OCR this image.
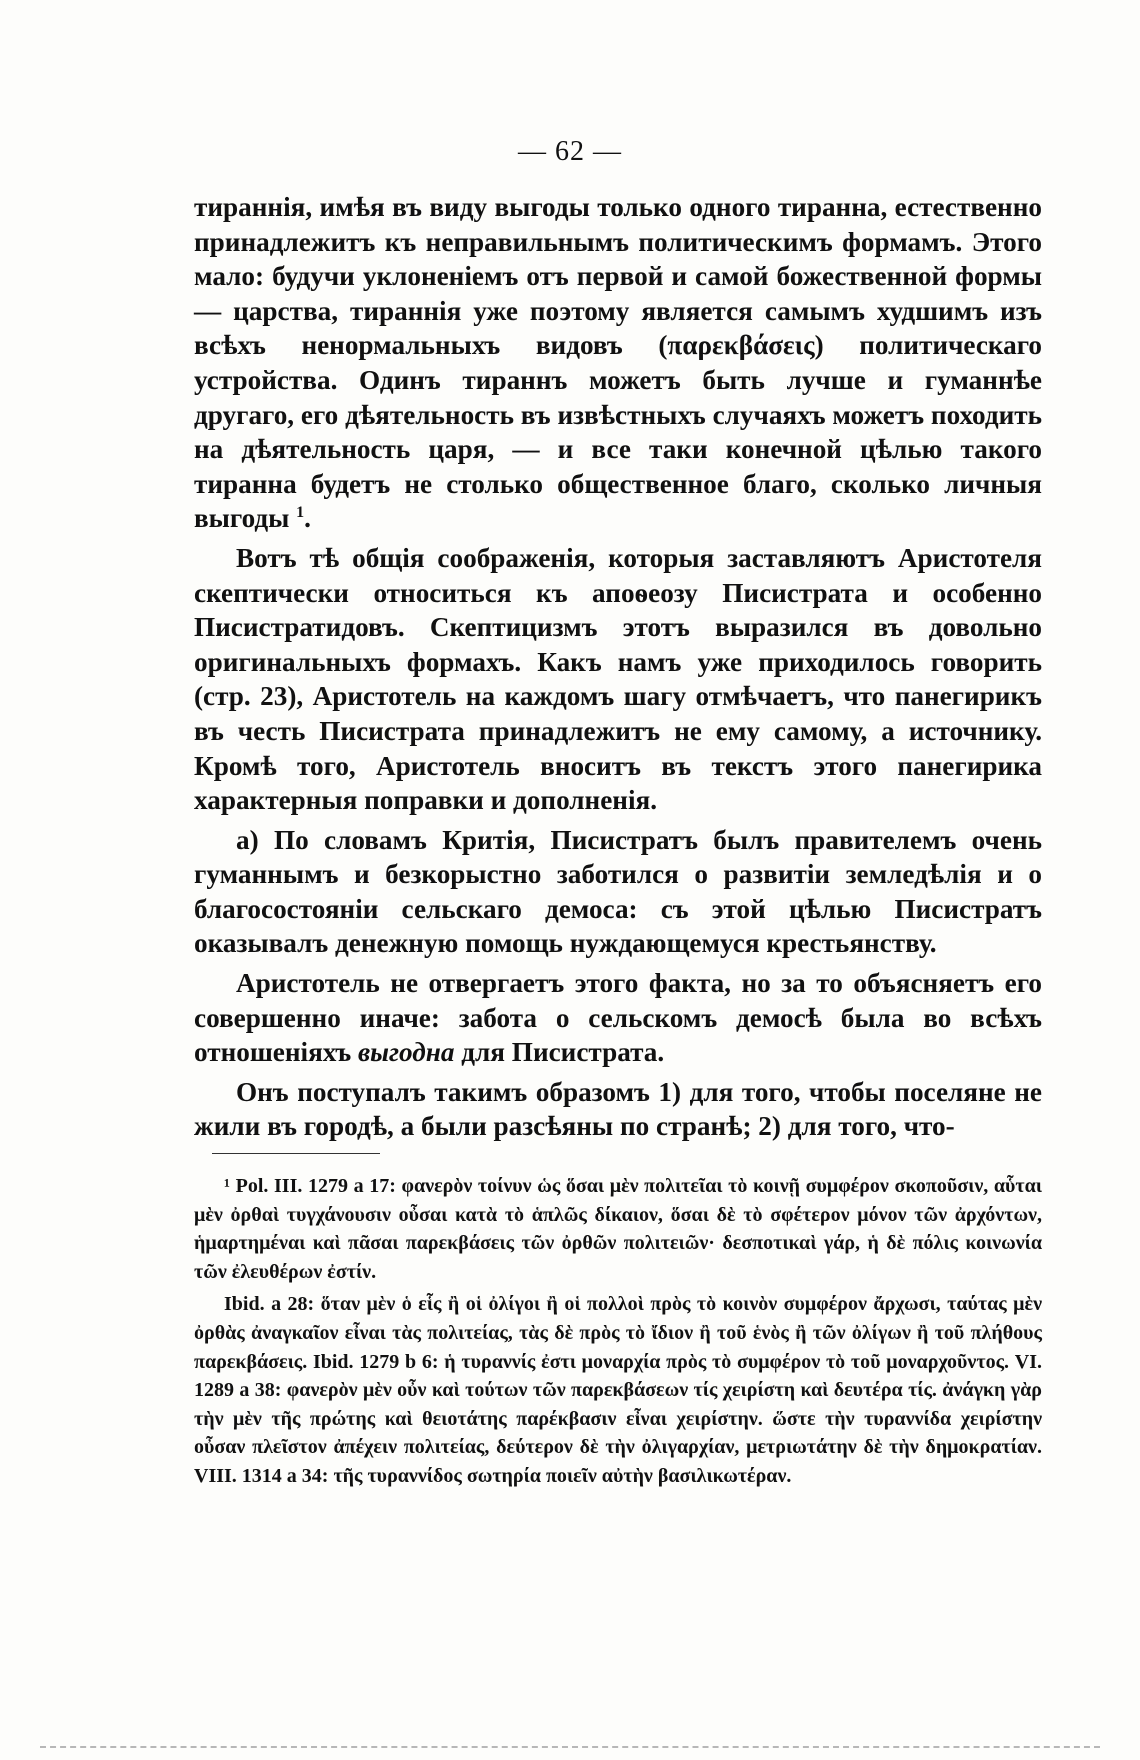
— 62 —

тираннія, имѣя въ виду выгоды только одного тиранна, естественно принадлежитъ къ неправильнымъ политическимъ формамъ. Этого мало: будучи уклоненіемъ отъ первой и самой божественной формы — царства, тираннія уже поэтому является самымъ худшимъ изъ всѣхъ ненормальныхъ видовъ (παρεκβάσεις) политическаго устройства. Одинъ тираннъ можетъ быть лучше и гуманнѣе другаго, его дѣятельность въ извѣстныхъ случаяхъ можетъ походить на дѣятельность царя, — и все таки конечной цѣлью такого тиранна будетъ не столько общественное благо, сколько личныя выгоды $^1$.

Вотъ тѣ общія соображенія, которыя заставляютъ Аристотеля скептически относиться къ апоѳеозу Писистрата и особенно Писистратидовъ. Скептицизмъ этотъ выразился въ довольно оригинальныхъ формахъ. Какъ намъ уже приходилось говорить (стр. 23), Аристотель на каждомъ шагу отмѣчаетъ, что панегирикъ въ честь Писистрата принадлежитъ не ему самому, а источнику. Кромѣ того, Аристотель вноситъ въ текстъ этого панегирика характерныя поправки и дополненія.

а) По словамъ Критія, Писистратъ былъ правителемъ очень гуманнымъ и безкорыстно заботился о развитіи земледѣлія и о благосостояніи сельскаго демоса: съ этой цѣлью Писистратъ оказывалъ денежную помощь нуждающемуся крестьянству.

Аристотель не отвергаетъ этого факта, но за то объясняетъ его совершенно иначе: забота о сельскомъ демосѣ была во всѣхъ отношеніяхъ выгодна для Писистрата.

Онъ поступалъ такимъ образомъ 1) для того, чтобы поселяне не жили въ городѣ, а были разсѣяны по странѣ; 2) для того, что-

¹ Pol. III. 1279 a 17: φανερὸν τοίνυν ὡς ὅσαι μὲν πολιτεῖαι τὸ κοινῇ συμφέρον σκοποῦσιν, αὗται μὲν ὀρθαὶ τυγχάνουσιν οὖσαι κατὰ τὸ ἁπλῶς δίκαιον, ὅσαι δὲ τὸ σφέτερον μόνον τῶν ἀρχόντων, ἡμαρτημέναι καὶ πᾶσαι παρεκβάσεις τῶν ὀρθῶν πολιτειῶν· δεσποτικαὶ γάρ, ἡ δὲ πόλις κοινωνία τῶν ἐλευθέρων ἐστίν.

Ibid. a 28: ὅταν μὲν ὁ εἷς ἢ οἱ ὀλίγοι ἢ οἱ πολλοὶ πρὸς τὸ κοινὸν συμφέρον ἄρχωσι, ταύτας μὲν ὀρθὰς ἀναγκαῖον εἶναι τὰς πολιτείας, τὰς δὲ πρὸς τὸ ἴδιον ἢ τοῦ ἑνὸς ἢ τῶν ὀλίγων ἢ τοῦ πλήθους παρεκβάσεις. Ibid. 1279 b 6: ἡ τυραννίς ἐστι μοναρχία πρὸς τὸ συμφέρον τὸ τοῦ μοναρχοῦντος. VI. 1289 a 38: φανερὸν μὲν οὖν καὶ τούτων τῶν παρεκβάσεων τίς χειρίστη καὶ δευτέρα τίς. ἀνάγκη γὰρ τὴν μὲν τῆς πρώτης καὶ θειοτάτης παρέκβασιν εἶναι χειρίστην. ὥστε τὴν τυραννίδα χειρίστην οὖσαν πλεῖστον ἀπέχειν πολιτείας, δεύτερον δὲ τὴν ὀλιγαρχίαν, μετριωτάτην δὲ τὴν δημοκρατίαν. VIII. 1314 a 34: τῆς τυραννίδος σωτηρία ποιεῖν αὐτὴν βασιλικωτέραν.
